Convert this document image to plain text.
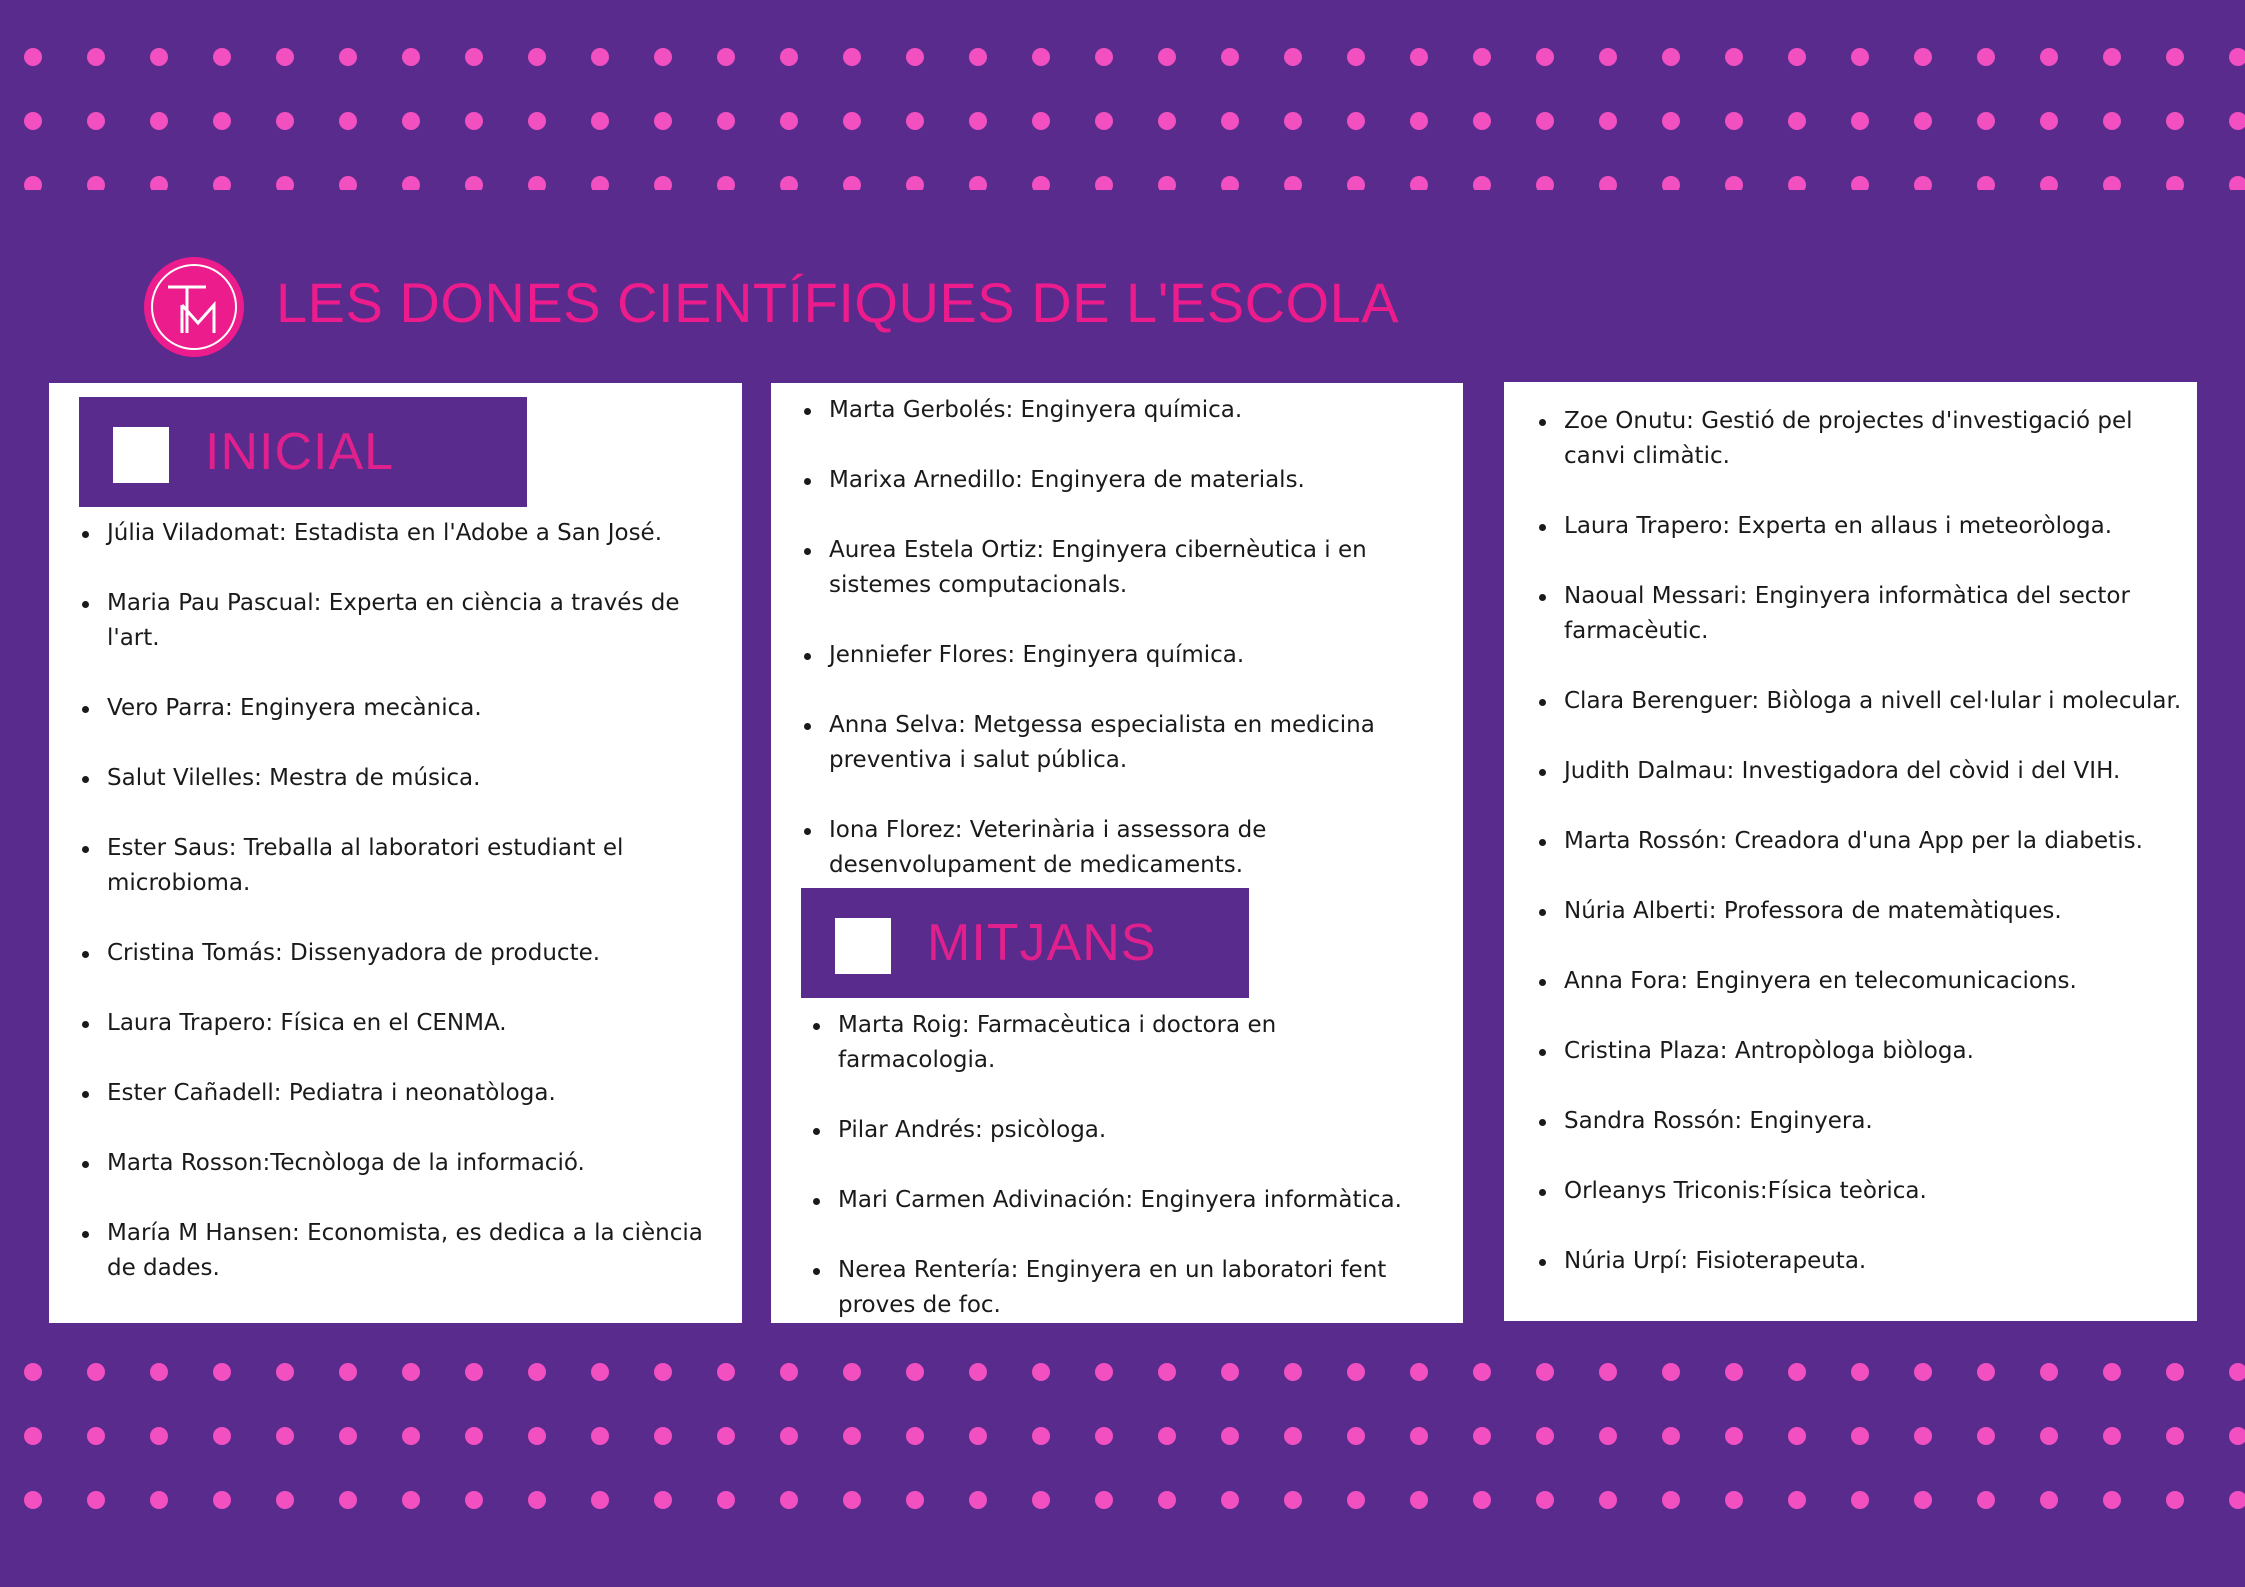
LES DONES CIENTÍFIQUES DE L'ESCOLA
INICIAL
Júlia Viladomat: Estadista en l'Adobe a San José.
Maria Pau Pascual: Experta en ciència a través de l'art.
Vero Parra: Enginyera mecànica.
Salut Vilelles: Mestra de música.
Ester Saus: Treballa al laboratori estudiant el microbioma.
Cristina Tomás: Dissenyadora de producte.
Laura Trapero: Física en el CENMA.
Ester Cañadell: Pediatra i neonatòloga.
Marta Rosson:Tecnòloga de la informació.
María M Hansen: Economista, es dedica a la ciència de dades.
Marta Gerbolés: Enginyera química.
Marixa Arnedillo: Enginyera de materials.
Aurea Estela Ortiz: Enginyera cibernèutica i en sistemes computacionals.
Jenniefer Flores: Enginyera química.
Anna Selva: Metgessa especialista en medicina preventiva i salut pública.
Iona Florez: Veterinària i assessora de desenvolupament de medicaments.
MITJANS
Marta Roig: Farmacèutica i doctora en farmacologia.
Pilar Andrés: psicòloga.
Mari Carmen Adivinación: Enginyera informàtica.
Nerea Rentería: Enginyera en un laboratori fent proves de foc.
Zoe Onutu: Gestió de projectes d'investigació pel canvi climàtic.
Laura Trapero: Experta en allaus i meteoròloga.
Naoual Messari: Enginyera informàtica del sector farmacèutic.
Clara Berenguer: Biòloga a nivell cel·lular i molecular.
Judith Dalmau: Investigadora del còvid i del VIH.
Marta Rossón: Creadora d'una App per la diabetis.
Núria Alberti: Professora de matemàtiques.
Anna Fora: Enginyera en telecomunicacions.
Cristina Plaza: Antropòloga biòloga.
Sandra Rossón: Enginyera.
Orleanys Triconis:Física teòrica.
Núria Urpí: Fisioterapeuta.
